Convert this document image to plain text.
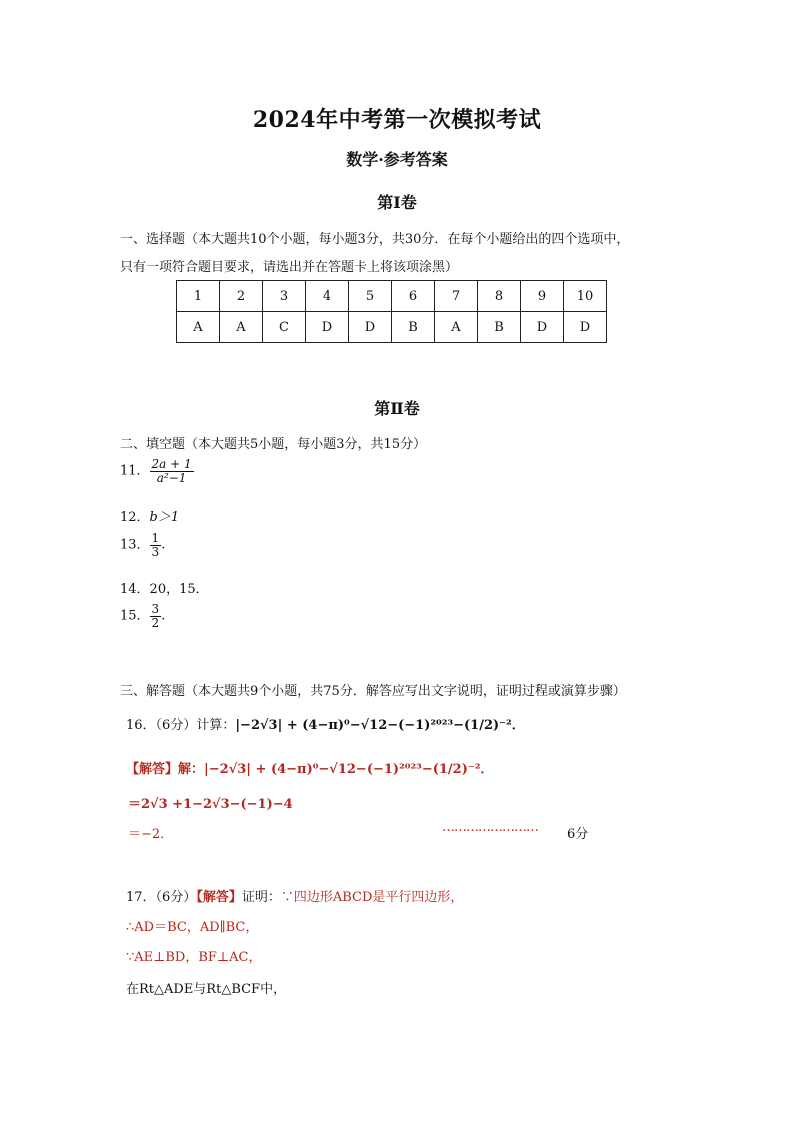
2024年中考第一次模拟考试
数学·参考答案
第Ⅰ卷
一、选择题（本大题共10个小题，每小题3分，共30分．在每个小题给出的四个选项中，
只有一项符合题目要求，请选出并在答题卡上将该项涂黑）
1	2	3	4	5	6	7	8	9	10
A	A	C	D	D	B	A	B	D	D
第Ⅱ卷
二、填空题（本大题共5小题，每小题3分，共15分）
11． $\frac{2a + 1}{\text{a²−1}}$
12．b＞1
13． $\frac{1}{3}$ .
14．20，15．
15． $\frac{3}{2}$ .
三、解答题（本大题共9个小题，共75分．解答应写出文字说明，证明过程或演算步骤）
16．（6分）计算：|−2√3| + (4−π)⁰−√12−(−1)²⁰²³−(1/2)⁻²．
【解答】解：|−2√3| + (4−π)⁰−√12−(−1)²⁰²³−(1/2)⁻²．
＝2√3 +1−2√3−(−1)−4
＝−2．	…………………… 6分
17．（6分）【解答】证明：∵四边形ABCD是平行四边形，
∴AD＝BC，AD∥BC，
∵AE⊥BD，BF⊥AC，
在Rt△ADE与Rt△BCF中，
